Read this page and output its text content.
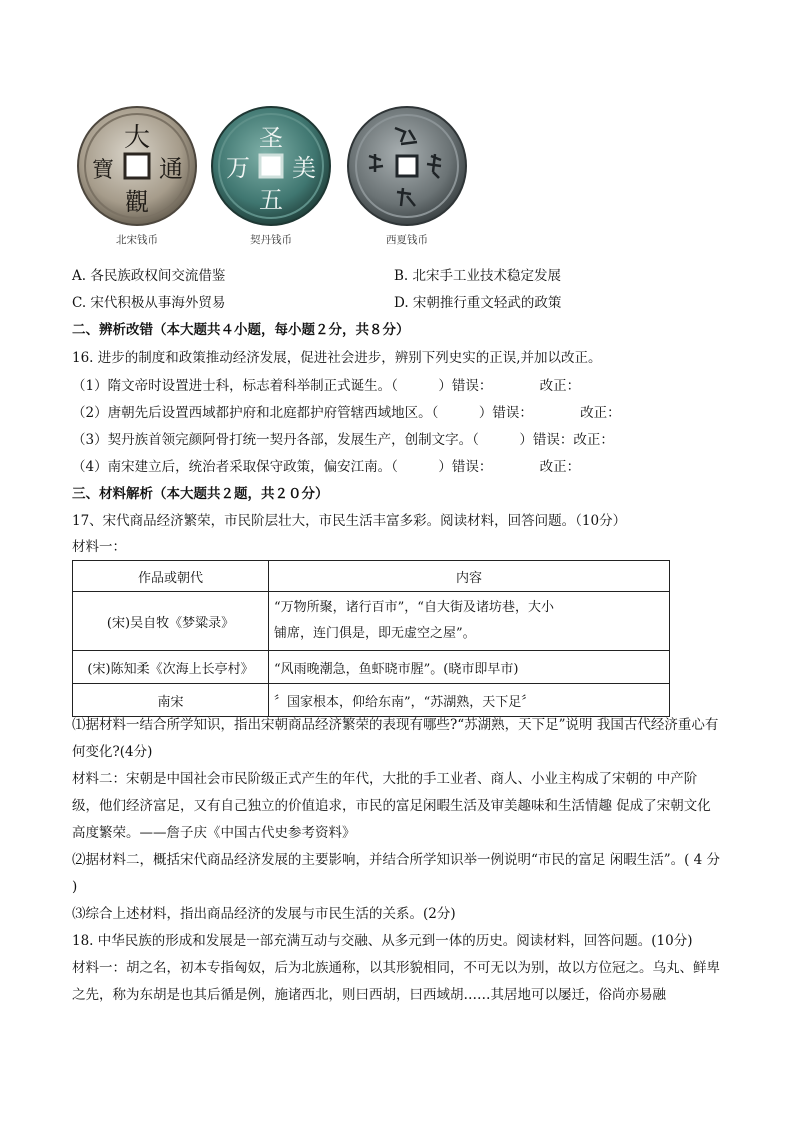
大
通
觀
寶
北宋钱币
圣
美
五
万
契丹钱币	西夏钱币
A. 各民族政权间交流借鉴	B. 北宋手工业技术稳定发展
C. 宋代积极从事海外贸易	D. 宋朝推行重文轻武的政策
二、辨析改错（本大题共４小题，每小题２分，共８分）
16. 进步的制度和政策推动经济发展，促进社会进步，辨别下列史实的正误,并加以改正。
（1）隋文帝时设置进士科，标志着科举制正式诞生。（　　　）错误：　　　　改正：
（2）唐朝先后设置西域都护府和北庭都护府管辖西域地区。（　　　）错误：　　　　改正：
（3）契丹族首领完颜阿骨打统一契丹各部，发展生产，创制文字。（　　　）错误：改正：
（4）南宋建立后，统治者采取保守政策，偏安江南。（　　　）错误：　　　　改正：
三、材料解析（本大题共２题，共２０分）
17、宋代商品经济繁荣，市民阶层壮大，市民生活丰富多彩。阅读材料，回答问题。（10分）
材料一：
作品或朝代	内容
(宋)吴自牧《梦粱录》	“万物所聚，诸行百市”，“自大街及诸坊巷，大小
铺席，连门俱是，即无虚空之屋”。

(宋)陈知柔《次海上长亭村》	“风雨晚潮急，鱼虾晓市腥”。(晓市即早市)
南宋	〞国家根本，仰给东南”，“苏湖熟，天下足〞
⑴据材料一结合所学知识，指出宋朝商品经济繁荣的表现有哪些?“苏湖熟，天下足”说明 我国古代经济重心有何变化?(4分)
材料二：宋朝是中国社会市民阶级正式产生的年代，大批的手工业者、商人、小业主构成了宋朝的 中产阶级，他们经济富足，又有自己独立的价值追求，市民的富足闲暇生活及审美趣味和生活情趣 促成了宋朝文化高度繁荣。——詹子庆《中国古代史参考资料》
⑵据材料二，概括宋代商品经济发展的主要影响，并结合所学知识举一例说明“市民的富足 闲暇生活”。( 4 分 )
⑶综合上述材料，指出商品经济的发展与市民生活的关系。(2分)
18. 中华民族的形成和发展是一部充满互动与交融、从多元到一体的历史。阅读材料，回答问题。(10分)
材料一：胡之名，初本专指匈奴，后为北族通称，以其形貌相同，不可无以为别，故以方位冠之。乌丸、鲜卑之先，称为东胡是也其后循是例，施诸西北，则曰西胡，曰西域胡……其居地可以屡迁，俗尚亦易融
